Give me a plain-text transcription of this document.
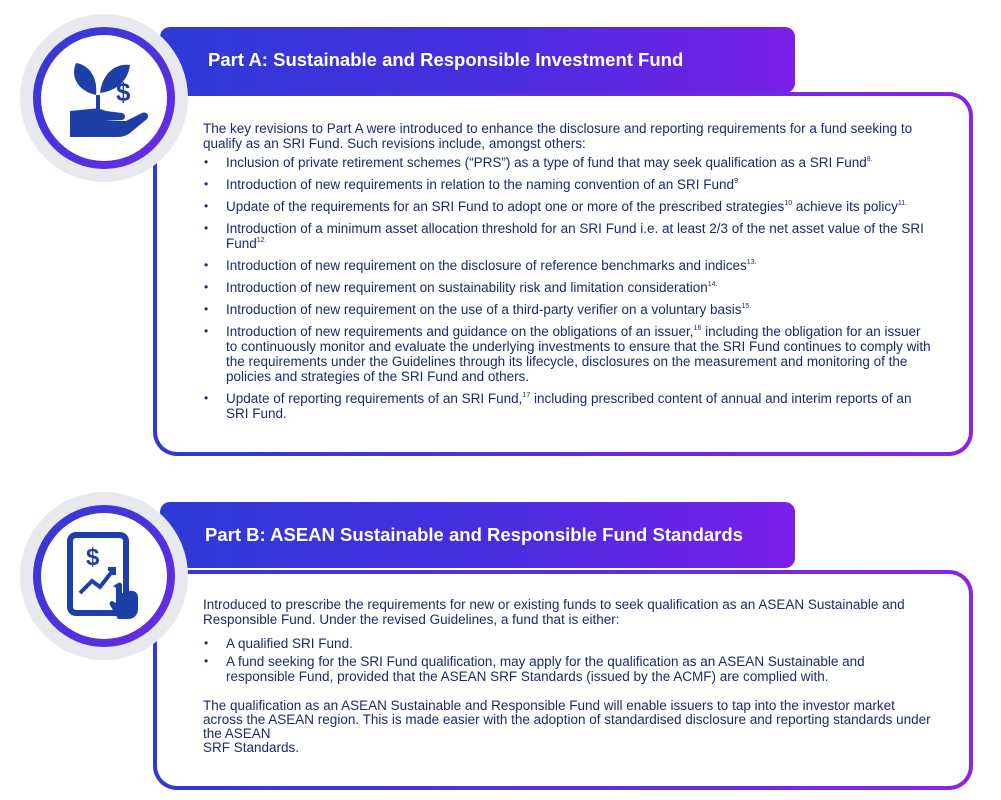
Part A: Sustainable and Responsible Investment Fund
$

The key revisions to Part A were introduced to enhance the disclosure and reporting requirements for a fund seeking to qualify as an SRI Fund. Such revisions include, amongst others:

• Inclusion of private retirement schemes (“PRS”) as a type of fund that may seek qualification as a SRI Fund$^{8.}$
• Introduction of new requirements in relation to the naming convention of an SRI Fund$^{9.}$
• Update of the requirements for an SRI Fund to adopt one or more of the prescribed strategies$^{10}$ achieve its policy$^{11.}$
• Introduction of a minimum asset allocation threshold for an SRI Fund i.e. at least 2/3 of the net asset value of the SRI Fund$^{12.}$
• Introduction of new requirement on the disclosure of reference benchmarks and indices$^{13.}$
• Introduction of new requirement on sustainability risk and limitation consideration$^{14.}$
• Introduction of new requirement on the use of a third-party verifier on a voluntary basis$^{15.}$
• Introduction of new requirements and guidance on the obligations of an issuer,$^{16}$ including the obligation for an issuer to continuously monitor and evaluate the underlying investments to ensure that the SRI Fund continues to comply with the requirements under the Guidelines through its lifecycle, disclosures on the measurement and monitoring of the policies and strategies of the SRI Fund and others.
• Update of reporting requirements of an SRI Fund,$^{17}$ including prescribed content of annual and interim reports of an SRI Fund.
Part B: ASEAN Sustainable and Responsible Fund Standards
$

Introduced to prescribe the requirements for new or existing funds to seek qualification as an ASEAN Sustainable and Responsible Fund. Under the revised Guidelines, a fund that is either:

• A qualified SRI Fund.
• A fund seeking for the SRI Fund qualification, may apply for the qualification as an ASEAN Sustainable and responsible Fund, provided that the ASEAN SRF Standards (issued by the ACMF) are complied with.

The qualification as an ASEAN Sustainable and Responsible Fund will enable issuers to tap into the investor market across the ASEAN region. This is made easier with the adoption of standardised disclosure and reporting standards under the ASEAN
SRF Standards.
